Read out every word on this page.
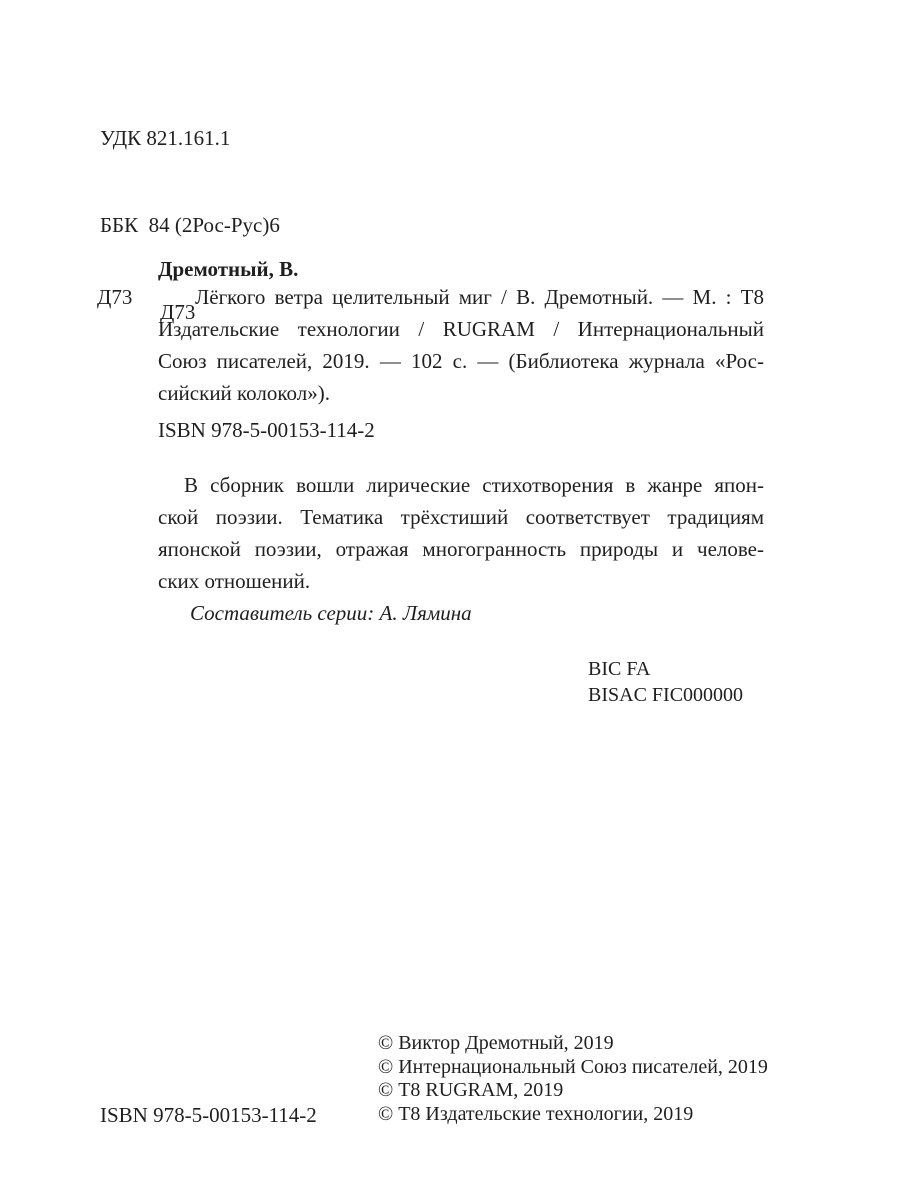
УДК 821.161.1

ББК  84 (2Рос-Рус)6

Д73

Дремотный, В.
Д73	Лёгкого ветра целительный миг / В. Дремотный. — М. : Т8
Издательские технологии / RUGRAM / Интернациональный
Союз писателей, 2019. — 102 с. — (Библиотека журнала «Рос-
сийский колокол»).
ISBN 978-5-00153-114-2
В сборник вошли лирические стихотворения в жанре япон-
ской поэзии. Тематика трёхстиший соответствует традициям
японской поэзии, отражая многогранность природы и челове-
ских отношений.
Составитель серии: А. Лямина
BIC FA
BISAC FIC000000
© Виктор Дремотный, 2019
© Интернациональный Союз писателей, 2019
© Т8 RUGRAM, 2019
© Т8 Издательские технологии, 2019
ISBN 978-5-00153-114-2
